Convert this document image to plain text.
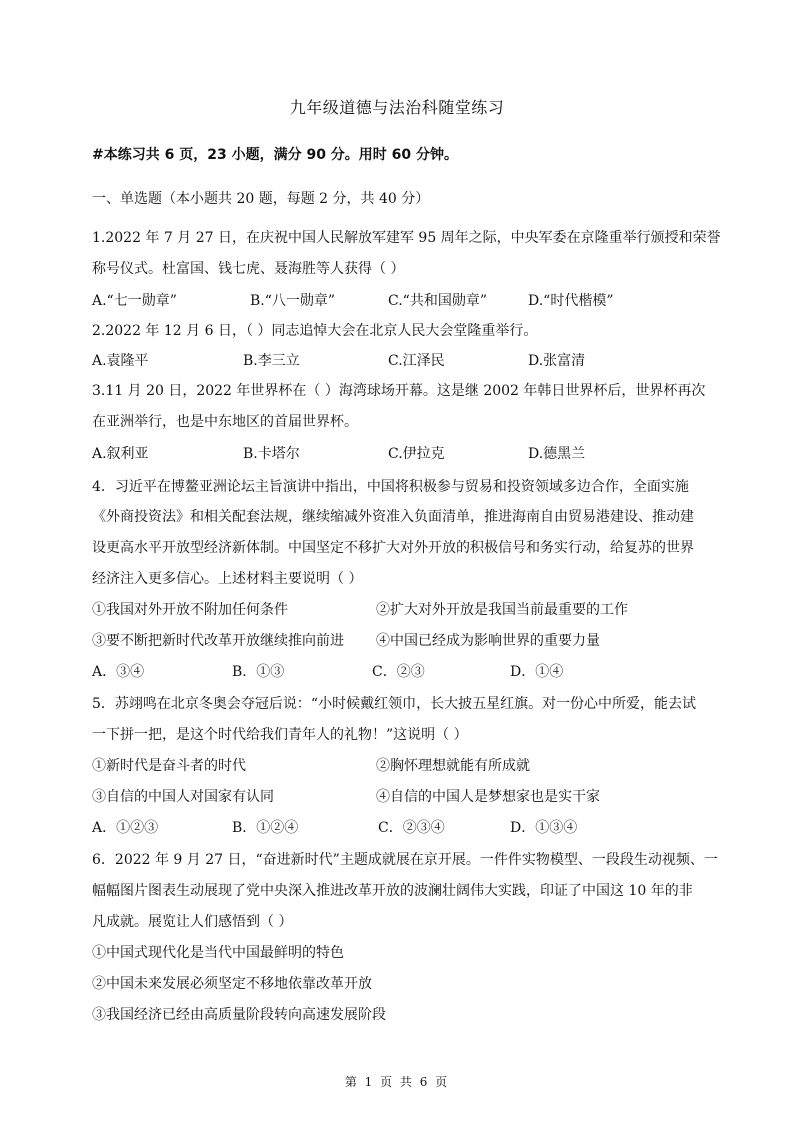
九年级道德与法治科随堂练习
#本练习共 6 页，23 小题，满分 90 分。用时 60 分钟。
一、单选题（本小题共 20 题，每题 2 分，共 40 分）
1.2022 年 7 月 27 日，在庆祝中国人民解放军建军 95 周年之际，中央军委在京隆重举行颁授和荣誉
称号仪式。杜富国、钱七虎、聂海胜等人获得（ ）
A.“七一勋章”	B.“八一勋章”	C.“共和国勋章”	D.“时代楷模”
2.2022 年 12 月 6 日，（ ）同志追悼大会在北京人民大会堂隆重举行。
A.袁隆平	B.李三立	C.江泽民	D.张富清
3.11 月 20 日，2022 年世界杯在（ ）海湾球场开幕。这是继 2002 年韩日世界杯后，世界杯再次
在亚洲举行，也是中东地区的首届世界杯。
A.叙利亚	B.卡塔尔	C.伊拉克	D.德黑兰
4．习近平在博鳌亚洲论坛主旨演讲中指出，中国将积极参与贸易和投资领域多边合作，全面实施
《外商投资法》和相关配套法规，继续缩减外资准入负面清单，推进海南自由贸易港建设、推动建
设更高水平开放型经济新体制。中国坚定不移扩大对外开放的积极信号和务实行动，给复苏的世界
经济注入更多信心。上述材料主要说明（ ）
①我国对外开放不附加任何条件	②扩大对外开放是我国当前最重要的工作
③要不断把新时代改革开放继续推向前进 ④中国已经成为影响世界的重要力量
A．③④	B．①③	C．②③	D．①④
5．苏翊鸣在北京冬奥会夺冠后说：“小时候戴红领巾，长大披五星红旗。对一份心中所爱，能去试
一下拼一把，是这个时代给我们青年人的礼物！”这说明（ ）
①新时代是奋斗者的时代	②胸怀理想就能有所成就
③自信的中国人对国家有认同	④自信的中国人是梦想家也是实干家
A．①②③	B．①②④	C．②③④	D．①③④
6．2022 年 9 月 27 日，“奋进新时代”主题成就展在京开展。一件件实物模型、一段段生动视频、一
幅幅图片图表生动展现了党中央深入推进改革开放的波澜壮阔伟大实践，印证了中国这 10 年的非
凡成就。展览让人们感悟到（ ）
①中国式现代化是当代中国最鲜明的特色
②中国未来发展必须坚定不移地依靠改革开放
③我国经济已经由高质量阶段转向高速发展阶段
第 1 页 共 6 页
